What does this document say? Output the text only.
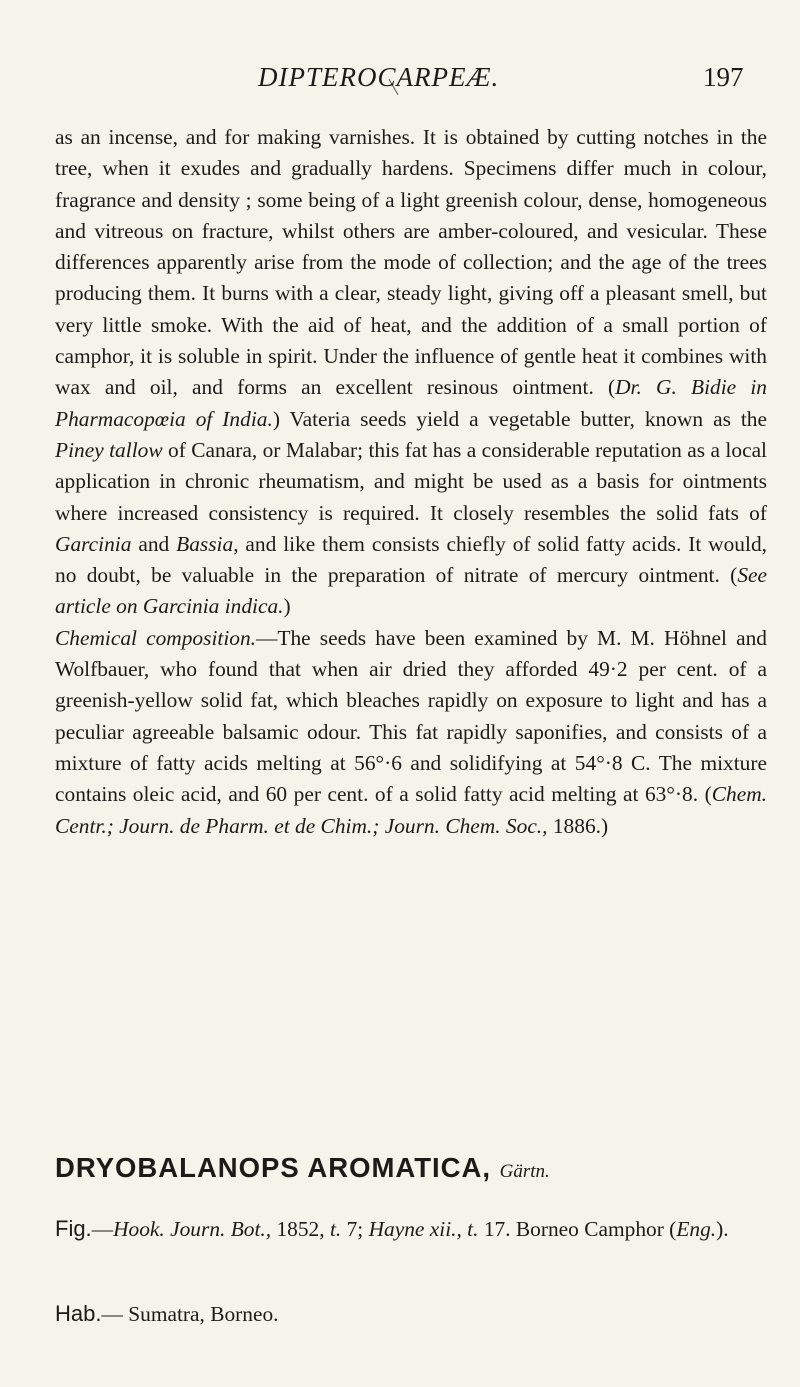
DIPTEROCARPEÆ.	197

as an incense, and for making varnishes. It is obtained by cutting notches in the tree, when it exudes and gradually hardens. Specimens differ much in colour, fragrance and density ; some being of a light greenish colour, dense, homogeneous and vitreous on fracture, whilst others are amber-coloured, and vesicular. These differences apparently arise from the mode of collection; and the age of the trees producing them. It burns with a clear, steady light, giving off a pleasant smell, but very little smoke. With the aid of heat, and the addition of a small portion of camphor, it is soluble in spirit. Under the influence of gentle heat it combines with wax and oil, and forms an excellent resinous ointment. (Dr. G. Bidie in Pharmacopœia of India.) Vateria seeds yield a vegetable butter, known as the Piney tallow of Canara, or Malabar; this fat has a considerable reputation as a local application in chronic rheumatism, and might be used as a basis for ointments where increased consistency is required. It closely resembles the solid fats of Garcinia and Bassia, and like them consists chiefly of solid fatty acids. It would, no doubt, be valuable in the preparation of nitrate of mercury ointment. (See article on Garcinia indica.)

Chemical composition.—The seeds have been examined by M. M. Höhnel and Wolfbauer, who found that when air dried they afforded 49·2 per cent. of a greenish-yellow solid fat, which bleaches rapidly on exposure to light and has a peculiar agreeable balsamic odour. This fat rapidly saponifies, and consists of a mixture of fatty acids melting at 56°·6 and solidifying at 54°·8 C. The mixture contains oleic acid, and 60 per cent. of a solid fatty acid melting at 63°·8. (Chem. Centr.; Journ. de Pharm. et de Chim.; Journ. Chem. Soc., 1886.)

DRYOBALANOPS AROMATICA, Gärtn.
Fig.—Hook. Journ. Bot., 1852, t. 7; Hayne xii., t. 17. Borneo Camphor (Eng.).
Hab.— Sumatra, Borneo.
